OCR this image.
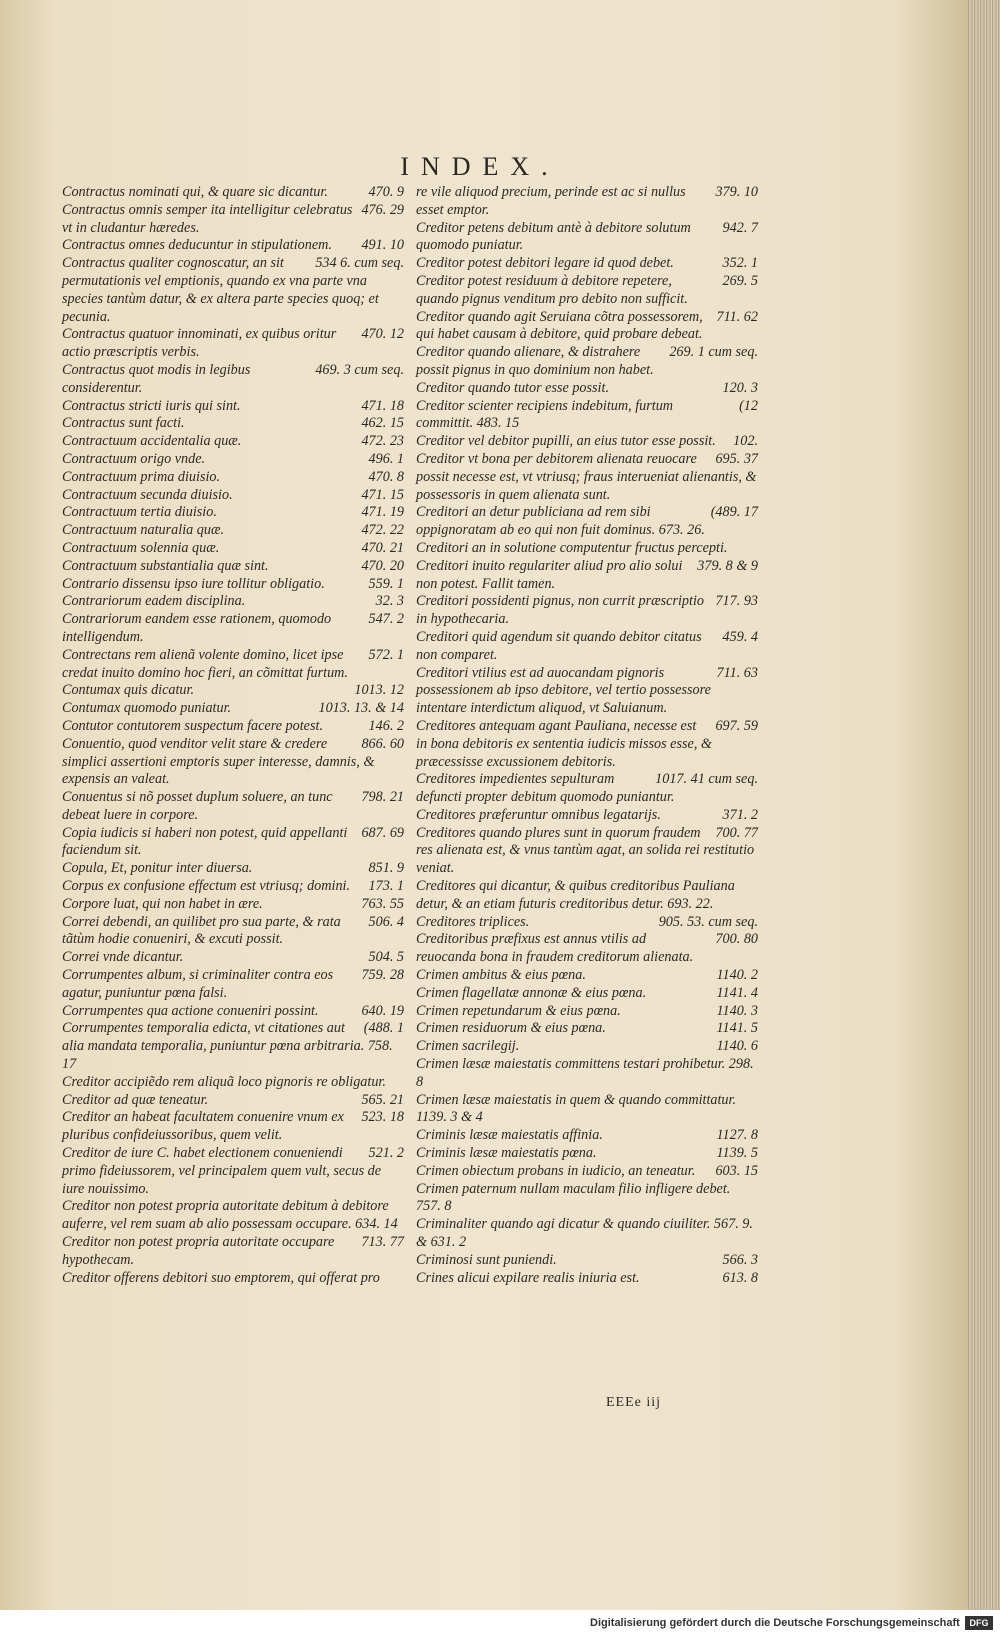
INDEX.

470. 9
Contractus nominati qui, & quare sic dicantur.

476. 29
Contractus omnis semper ita intelligitur celebratus vt in cludantur hæredes.

491. 10
Contractus omnes deducuntur in stipulationem.

534 6. cum seq.
Contractus qualiter cognoscatur, an sit permutationis vel emptionis, quando ex vna parte vna species tantùm datur, & ex altera parte species quoq; et pecunia.

470. 12
Contractus quatuor innominati, ex quibus oritur actio præscriptis verbis.

469. 3 cum seq.
Contractus quot modis in legibus considerentur.

471. 18
Contractus stricti iuris qui sint.

462. 15
Contractus sunt facti.

472. 23
Contractuum accidentalia quæ.

496. 1
Contractuum origo vnde.

470. 8
Contractuum prima diuisio.

471. 15
Contractuum secunda diuisio.

471. 19
Contractuum tertia diuisio.

472. 22
Contractuum naturalia quæ.

470. 21
Contractuum solennia quæ.

470. 20
Contractuum substantialia quæ sint.

559. 1
Contrario dissensu ipso iure tollitur obligatio.

32. 3
Contrariorum eadem disciplina.

547. 2
Contrariorum eandem esse rationem, quomodo intelligendum.

572. 1
Contrectans rem alienã volente domino, licet ipse credat inuito domino hoc fieri, an cõmittat furtum.

1013. 12
Contumax quis dicatur.

1013. 13. & 14
Contumax quomodo puniatur.

146. 2
Contutor contutorem suspectum facere potest.

866. 60
Conuentio, quod venditor velit stare & credere simplici assertioni emptoris super interesse, damnis, & expensis an valeat.

798. 21
Conuentus si nõ posset duplum soluere, an tunc debeat luere in corpore.

687. 69
Copia iudicis si haberi non potest, quid appellanti faciendum sit.

851. 9
Copula, Et, ponitur inter diuersa.

173. 1
Corpus ex confusione effectum est vtriusq; domini.

763. 55
Corpore luat, qui non habet in ære.

506. 4
Correi debendi, an quilibet pro sua parte, & rata tãtùm hodie conueniri, & excuti possit.

504. 5
Correi vnde dicantur.

759. 28
Corrumpentes album, si criminaliter contra eos agatur, puniuntur pœna falsi.

640. 19
Corrumpentes qua actione conueniri possint.

(488. 1
Corrumpentes temporalia edicta, vt citationes aut alia mandata temporalia, puniuntur pœna arbitraria. 758. 17

Creditor accipiẽdo rem aliquã loco pignoris re obligatur.

565. 21
Creditor ad quæ teneatur.

523. 18
Creditor an habeat facultatem conuenire vnum ex pluribus confideiussoribus, quem velit.

521. 2
Creditor de iure C. habet electionem conueniendi primo fideiussorem, vel principalem quem vult, secus de iure nouissimo.

Creditor non potest propria autoritate debitum à debitore auferre, vel rem suam ab alio possessam occupare. 634. 14

713. 77
Creditor non potest propria autoritate occupare hypothecam.

Creditor offerens debitori suo emptorem, qui offerat pro

379. 10
re vile aliquod precium, perinde est ac si nullus esset emptor.

942. 7
Creditor petens debitum antè à debitore solutum quomodo puniatur.

352. 1
Creditor potest debitori legare id quod debet.

269. 5
Creditor potest residuum à debitore repetere, quando pignus venditum pro debito non sufficit.

711. 62
Creditor quando agit Seruiana cõtra possessorem, qui habet causam à debitore, quid probare debeat.

269. 1 cum seq.
Creditor quando alienare, & distrahere possit pignus in quo dominium non habet.

120. 3
Creditor quando tutor esse possit.

(12
Creditor scienter recipiens indebitum, furtum committit. 483. 15

102.
Creditor vel debitor pupilli, an eius tutor esse possit.

695. 37
Creditor vt bona per debitorem alienata reuocare possit necesse est, vt vtriusq; fraus interueniat alienantis, & possessoris in quem alienata sunt.

(489. 17
Creditori an detur publiciana ad rem sibi oppignoratam ab eo qui non fuit dominus. 673. 26.

Creditori an in solutione computentur fructus percepti.

379. 8 & 9
Creditori inuito regulariter aliud pro alio solui non potest. Fallit tamen.

717. 93
Creditori possidenti pignus, non currit præscriptio in hypothecaria.

459. 4
Creditori quid agendum sit quando debitor citatus non comparet.

711. 63
Creditori vtilius est ad auocandam pignoris possessionem ab ipso debitore, vel tertio possessore intentare interdictum aliquod, vt Saluianum.

697. 59
Creditores antequam agant Pauliana, necesse est in bona debitoris ex sententia iudicis missos esse, & præcessisse excussionem debitoris.

1017. 41 cum seq.
Creditores impedientes sepulturam defuncti propter debitum quomodo puniantur.

371. 2
Creditores præferuntur omnibus legatarijs.

700. 77
Creditores quando plures sunt in quorum fraudem res alienata est, & vnus tantùm agat, an solida rei restitutio veniat.

Creditores qui dicantur, & quibus creditoribus Pauliana detur, & an etiam futuris creditoribus detur. 693. 22.

905. 53. cum seq.
Creditores triplices.

700. 80
Creditoribus præfixus est annus vtilis ad reuocanda bona in fraudem creditorum alienata.

1140. 2
Crimen ambitus & eius pœna.

1141. 4
Crimen flagellatæ annonæ & eius pœna.

1140. 3
Crimen repetundarum & eius pœna.

1141. 5
Crimen residuorum & eius pœna.

1140. 6
Crimen sacrilegij.

Crimen læsæ maiestatis committens testari prohibetur. 298. 8

Crimen læsæ maiestatis in quem & quando committatur. 1139. 3 & 4

1127. 8
Criminis læsæ maiestatis affinia.

1139. 5
Criminis læsæ maiestatis pœna.

603. 15
Crimen obiectum probans in iudicio, an teneatur.

Crimen paternum nullam maculam filio infligere debet. 757. 8

Criminaliter quando agi dicatur & quando ciuiliter. 567. 9. & 631. 2

566. 3
Criminosi sunt puniendi.

613. 8
Crines alicui expilare realis iniuria est.

EEEe iij
Digitalisierung gefördert durch die Deutsche Forschungsgemeinschaft	DFG
